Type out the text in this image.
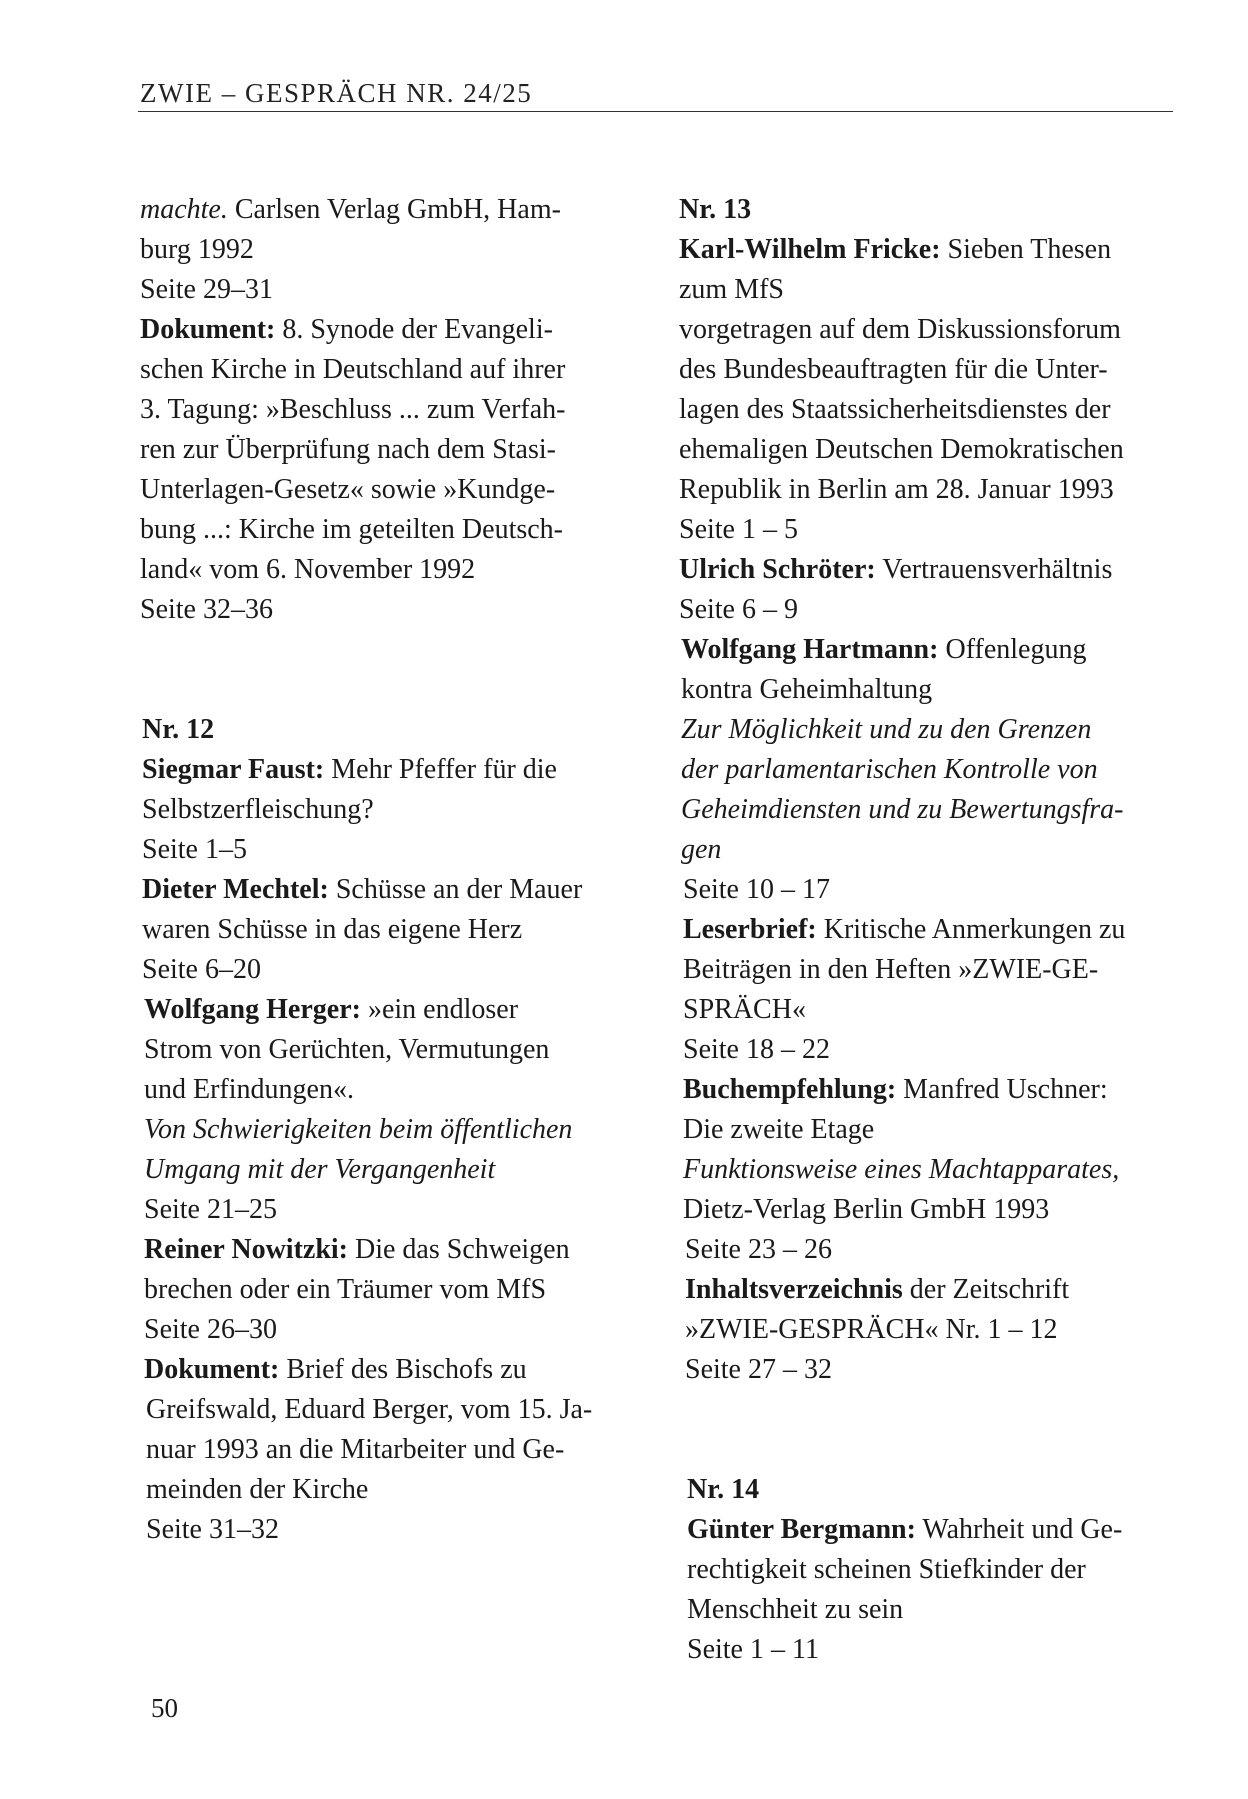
ZWIE – GESPRÄCH NR. 24/25
machte. Carlsen Verlag GmbH, Ham-
burg 1992
Seite 29–31
Dokument: 8. Synode der Evangeli-
schen Kirche in Deutschland auf ihrer
3. Tagung: »Beschluss ... zum Verfah-
ren zur Überprüfung nach dem Stasi-
Unterlagen-Gesetz« sowie »Kundge-
bung ...: Kirche im geteilten Deutsch-
land« vom 6. November 1992
Seite 32–36
Nr. 12
Siegmar Faust: Mehr Pfeffer für die
Selbstzerfleischung?
Seite 1–5
Dieter Mechtel: Schüsse an der Mauer
waren Schüsse in das eigene Herz
Seite 6–20
Wolfgang Herger: »ein endloser
Strom von Gerüchten, Vermutungen
und Erfindungen«.
Von Schwierigkeiten beim öffentlichen
Umgang mit der Vergangenheit
Seite 21–25
Reiner Nowitzki: Die das Schweigen
brechen oder ein Träumer vom MfS
Seite 26–30
Dokument: Brief des Bischofs zu
Greifswald, Eduard Berger, vom 15. Ja-
nuar 1993 an die Mitarbeiter und Ge-
meinden der Kirche
Seite 31–32
Nr. 13
Karl-Wilhelm Fricke: Sieben Thesen
zum MfS
vorgetragen auf dem Diskussionsforum
des Bundesbeauftragten für die Unter-
lagen des Staatssicherheitsdienstes der
ehemaligen Deutschen Demokratischen
Republik in Berlin am 28. Januar 1993
Seite 1 – 5
Ulrich Schröter: Vertrauensverhältnis
Seite 6 – 9
Wolfgang Hartmann: Offenlegung
kontra Geheimhaltung
Zur Möglichkeit und zu den Grenzen
der parlamentarischen Kontrolle von
Geheimdiensten und zu Bewertungsfra-
gen
Seite 10 – 17
Leserbrief: Kritische Anmerkungen zu
Beiträgen in den Heften »ZWIE-GE-
SPRÄCH«
Seite 18 – 22
Buchempfehlung: Manfred Uschner:
Die zweite Etage
Funktionsweise eines Machtapparates,
Dietz-Verlag Berlin GmbH 1993
Seite 23 – 26
Inhaltsverzeichnis der Zeitschrift
»ZWIE-GESPRÄCH« Nr. 1 – 12
Seite 27 – 32
Nr. 14
Günter Bergmann: Wahrheit und Ge-
rechtigkeit scheinen Stiefkinder der
Menschheit zu sein
Seite 1 – 11
50
